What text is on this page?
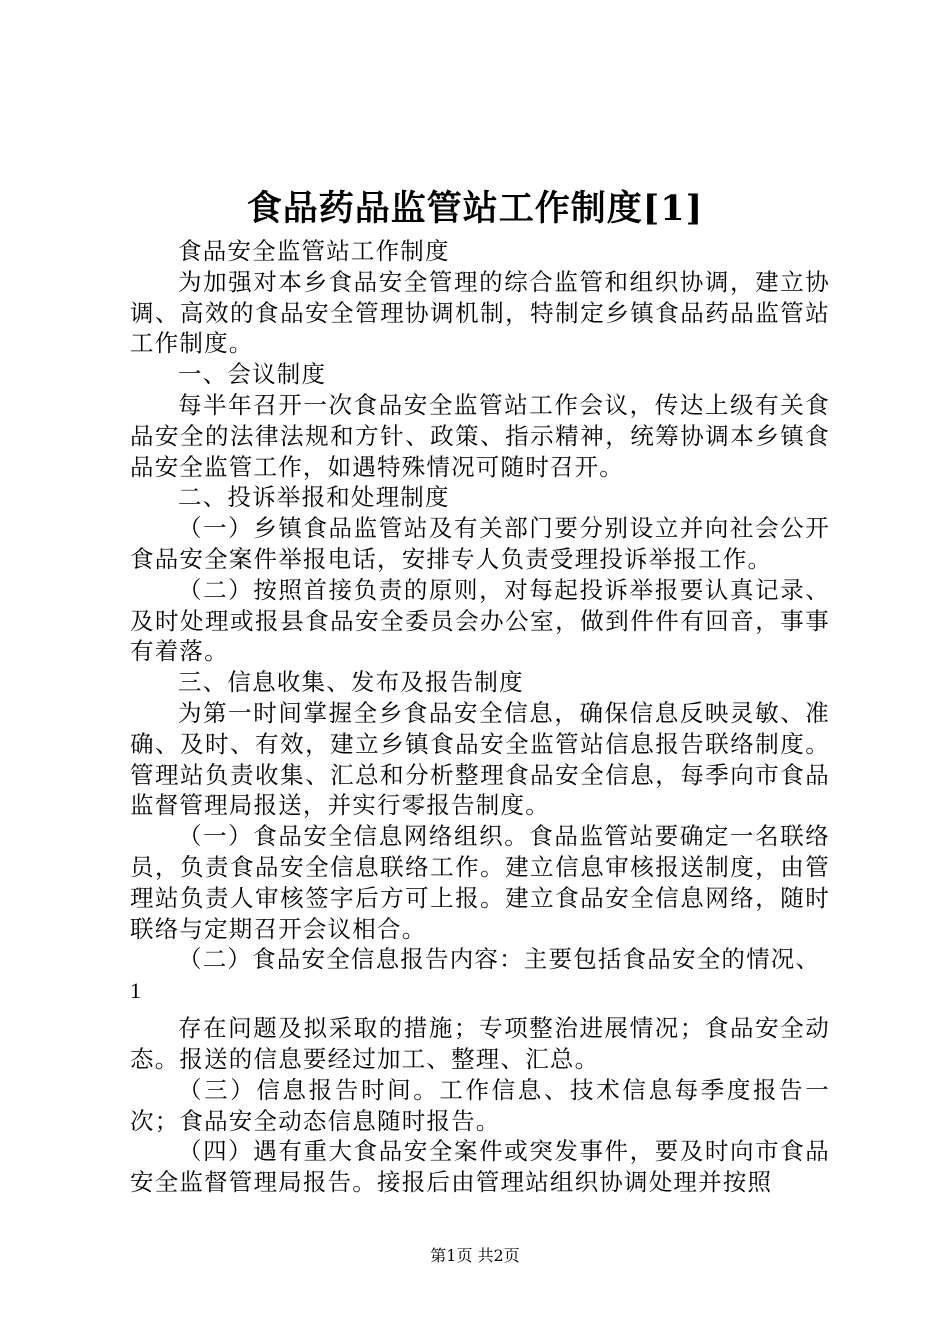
食品药品监管站工作制度[1]

食品安全监管站工作制度

为加强对本乡食品安全管理的综合监管和组织协调，建立协调、高效的食品安全管理协调机制，特制定乡镇食品药品监管站工作制度。

一、会议制度

每半年召开一次食品安全监管站工作会议，传达上级有关食品安全的法律法规和方针、政策、指示精神，统筹协调本乡镇食品安全监管工作，如遇特殊情况可随时召开。

二、投诉举报和处理制度

（一）乡镇食品监管站及有关部门要分别设立并向社会公开食品安全案件举报电话，安排专人负责受理投诉举报工作。

（二）按照首接负责的原则，对每起投诉举报要认真记录、及时处理或报县食品安全委员会办公室，做到件件有回音，事事有着落。

三、信息收集、发布及报告制度

为第一时间掌握全乡食品安全信息，确保信息反映灵敏、准确、及时、有效，建立乡镇食品安全监管站信息报告联络制度。管理站负责收集、汇总和分析整理食品安全信息，每季向市食品监督管理局报送，并实行零报告制度。

（一）食品安全信息网络组织。食品监管站要确定一名联络员，负责食品安全信息联络工作。建立信息审核报送制度，由管理站负责人审核签字后方可上报。建立食品安全信息网络，随时联络与定期召开会议相合。

（二）食品安全信息报告内容：主要包括食品安全的情况、

1

存在问题及拟采取的措施；专项整治进展情况；食品安全动态。报送的信息要经过加工、整理、汇总。

（三）信息报告时间。工作信息、技术信息每季度报告一次；食品安全动态信息随时报告。

（四）遇有重大食品安全案件或突发事件，要及时向市食品安全监督管理局报告。接报后由管理站组织协调处理并按照

第1页 共2页
